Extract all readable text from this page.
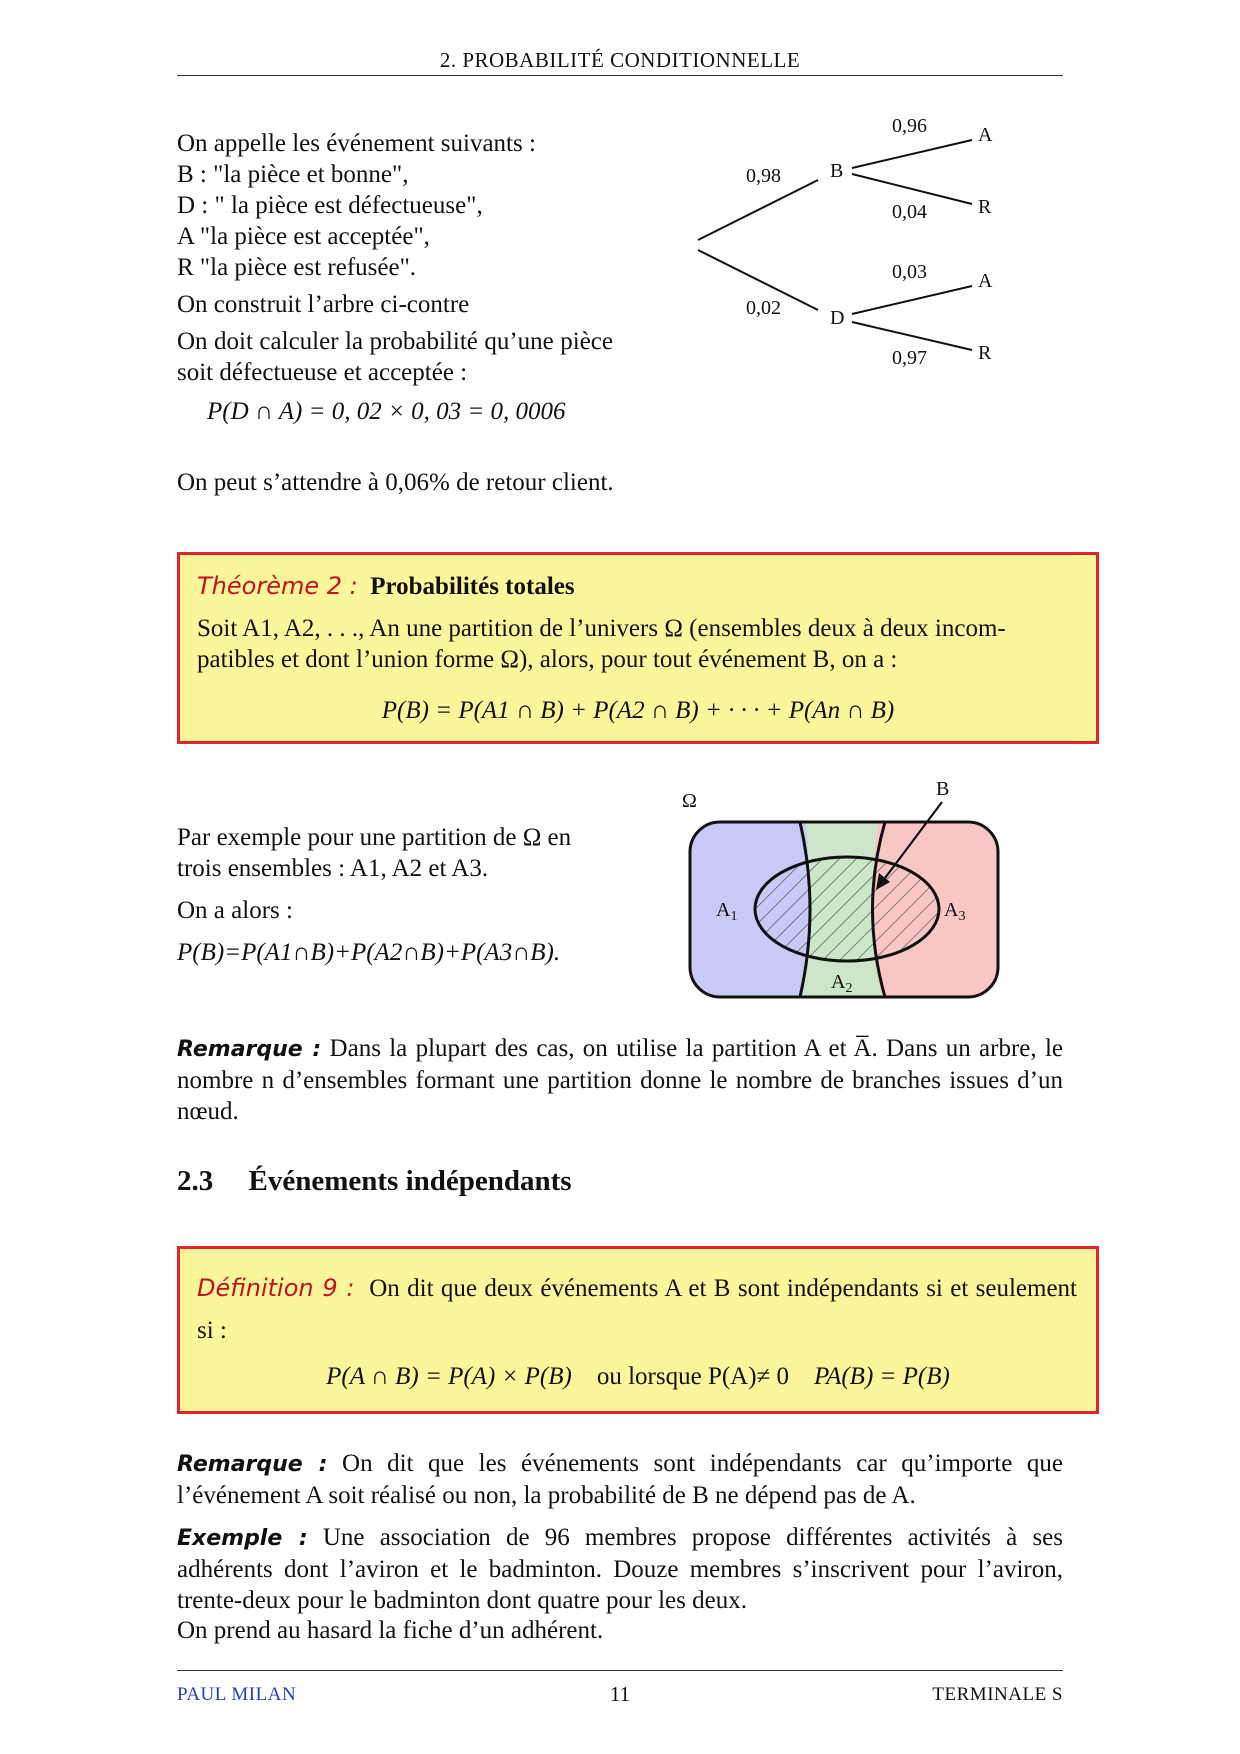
2. PROBABILITÉ CONDITIONNELLE
On appelle les événement suivants :
B : "la pièce et bonne",
D : " la pièce est défectueuse",
A "la pièce est acceptée",
R "la pièce est refusée".
On construit l’arbre ci-contre
On doit calculer la probabilité qu’une pièce soit défectueuse et acceptée :
P(D ∩ A) = 0, 02 × 0, 03 = 0, 0006
On peut s’attendre à 0,06% de retour client.
B
D
A
R
A
R
0,98
0,02
0,96
0,04
0,03
0,97
Théorème 2 : Probabilités totales
Soit A1, A2, . . ., An une partition de l’univers Ω (ensembles deux à deux incom-
patibles et dont l’union forme Ω), alors, pour tout événement B, on a :
P(B) = P(A1 ∩ B) + P(A2 ∩ B) + · · · + P(An ∩ B)
Par exemple pour une partition de Ω en
trois ensembles : A1, A2 et A3.
On a alors :
P(B)=P(A1∩B)+P(A2∩B)+P(A3∩B).
Ω
B
$A_1$
$A_2$
$A_3$
Remarque : Dans la plupart des cas, on utilise la partition A et A̅. Dans un arbre, le nombre n d’ensembles formant une partition donne le nombre de branches issues d’un nœud.
2.3 Événements indépendants
Définition 9 : On dit que deux événements A et B sont indépendants si et seulement si :
P(A ∩ B) = P(A) × P(B) ou lorsque P(A)≠ 0 PA(B) = P(B)
Remarque : On dit que les événements sont indépendants car qu’importe que l’événement A soit réalisé ou non, la probabilité de B ne dépend pas de A.
Exemple : Une association de 96 membres propose différentes activités à ses adhérents dont l’aviron et le badminton. Douze membres s’inscrivent pour l’aviron, trente-deux pour le badminton dont quatre pour les deux.
On prend au hasard la fiche d’un adhérent.
PAUL MILAN	11	TERMINALE S
